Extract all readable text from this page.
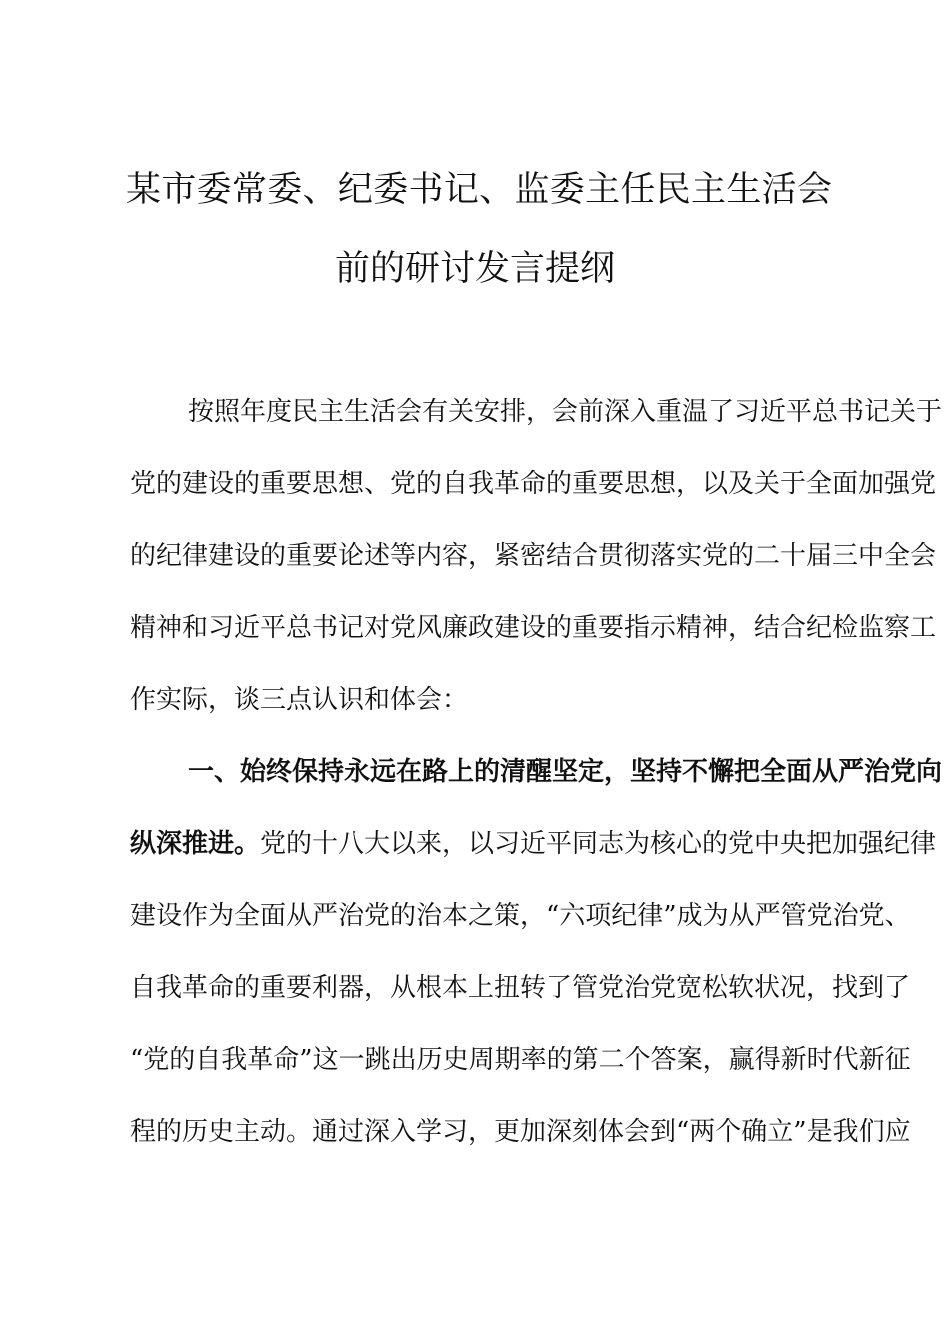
某市委常委、纪委书记、监委主任民主生活会
前的研讨发言提纲
按照年度民主生活会有关安排，会前深入重温了习近平总书记关于
党的建设的重要思想、党的自我革命的重要思想，以及关于全面加强党
的纪律建设的重要论述等内容，紧密结合贯彻落实党的二十届三中全会
精神和习近平总书记对党风廉政建设的重要指示精神，结合纪检监察工
作实际，谈三点认识和体会：
一、始终保持永远在路上的清醒坚定，坚持不懈把全面从严治党向
纵深推进。党的十八大以来，以习近平同志为核心的党中央把加强纪律
建设作为全面从严治党的治本之策，“六项纪律”成为从严管党治党、
自我革命的重要利器，从根本上扭转了管党治党宽松软状况，找到了
“党的自我革命”这一跳出历史周期率的第二个答案，赢得新时代新征
程的历史主动。通过深入学习，更加深刻体会到“两个确立”是我们应
